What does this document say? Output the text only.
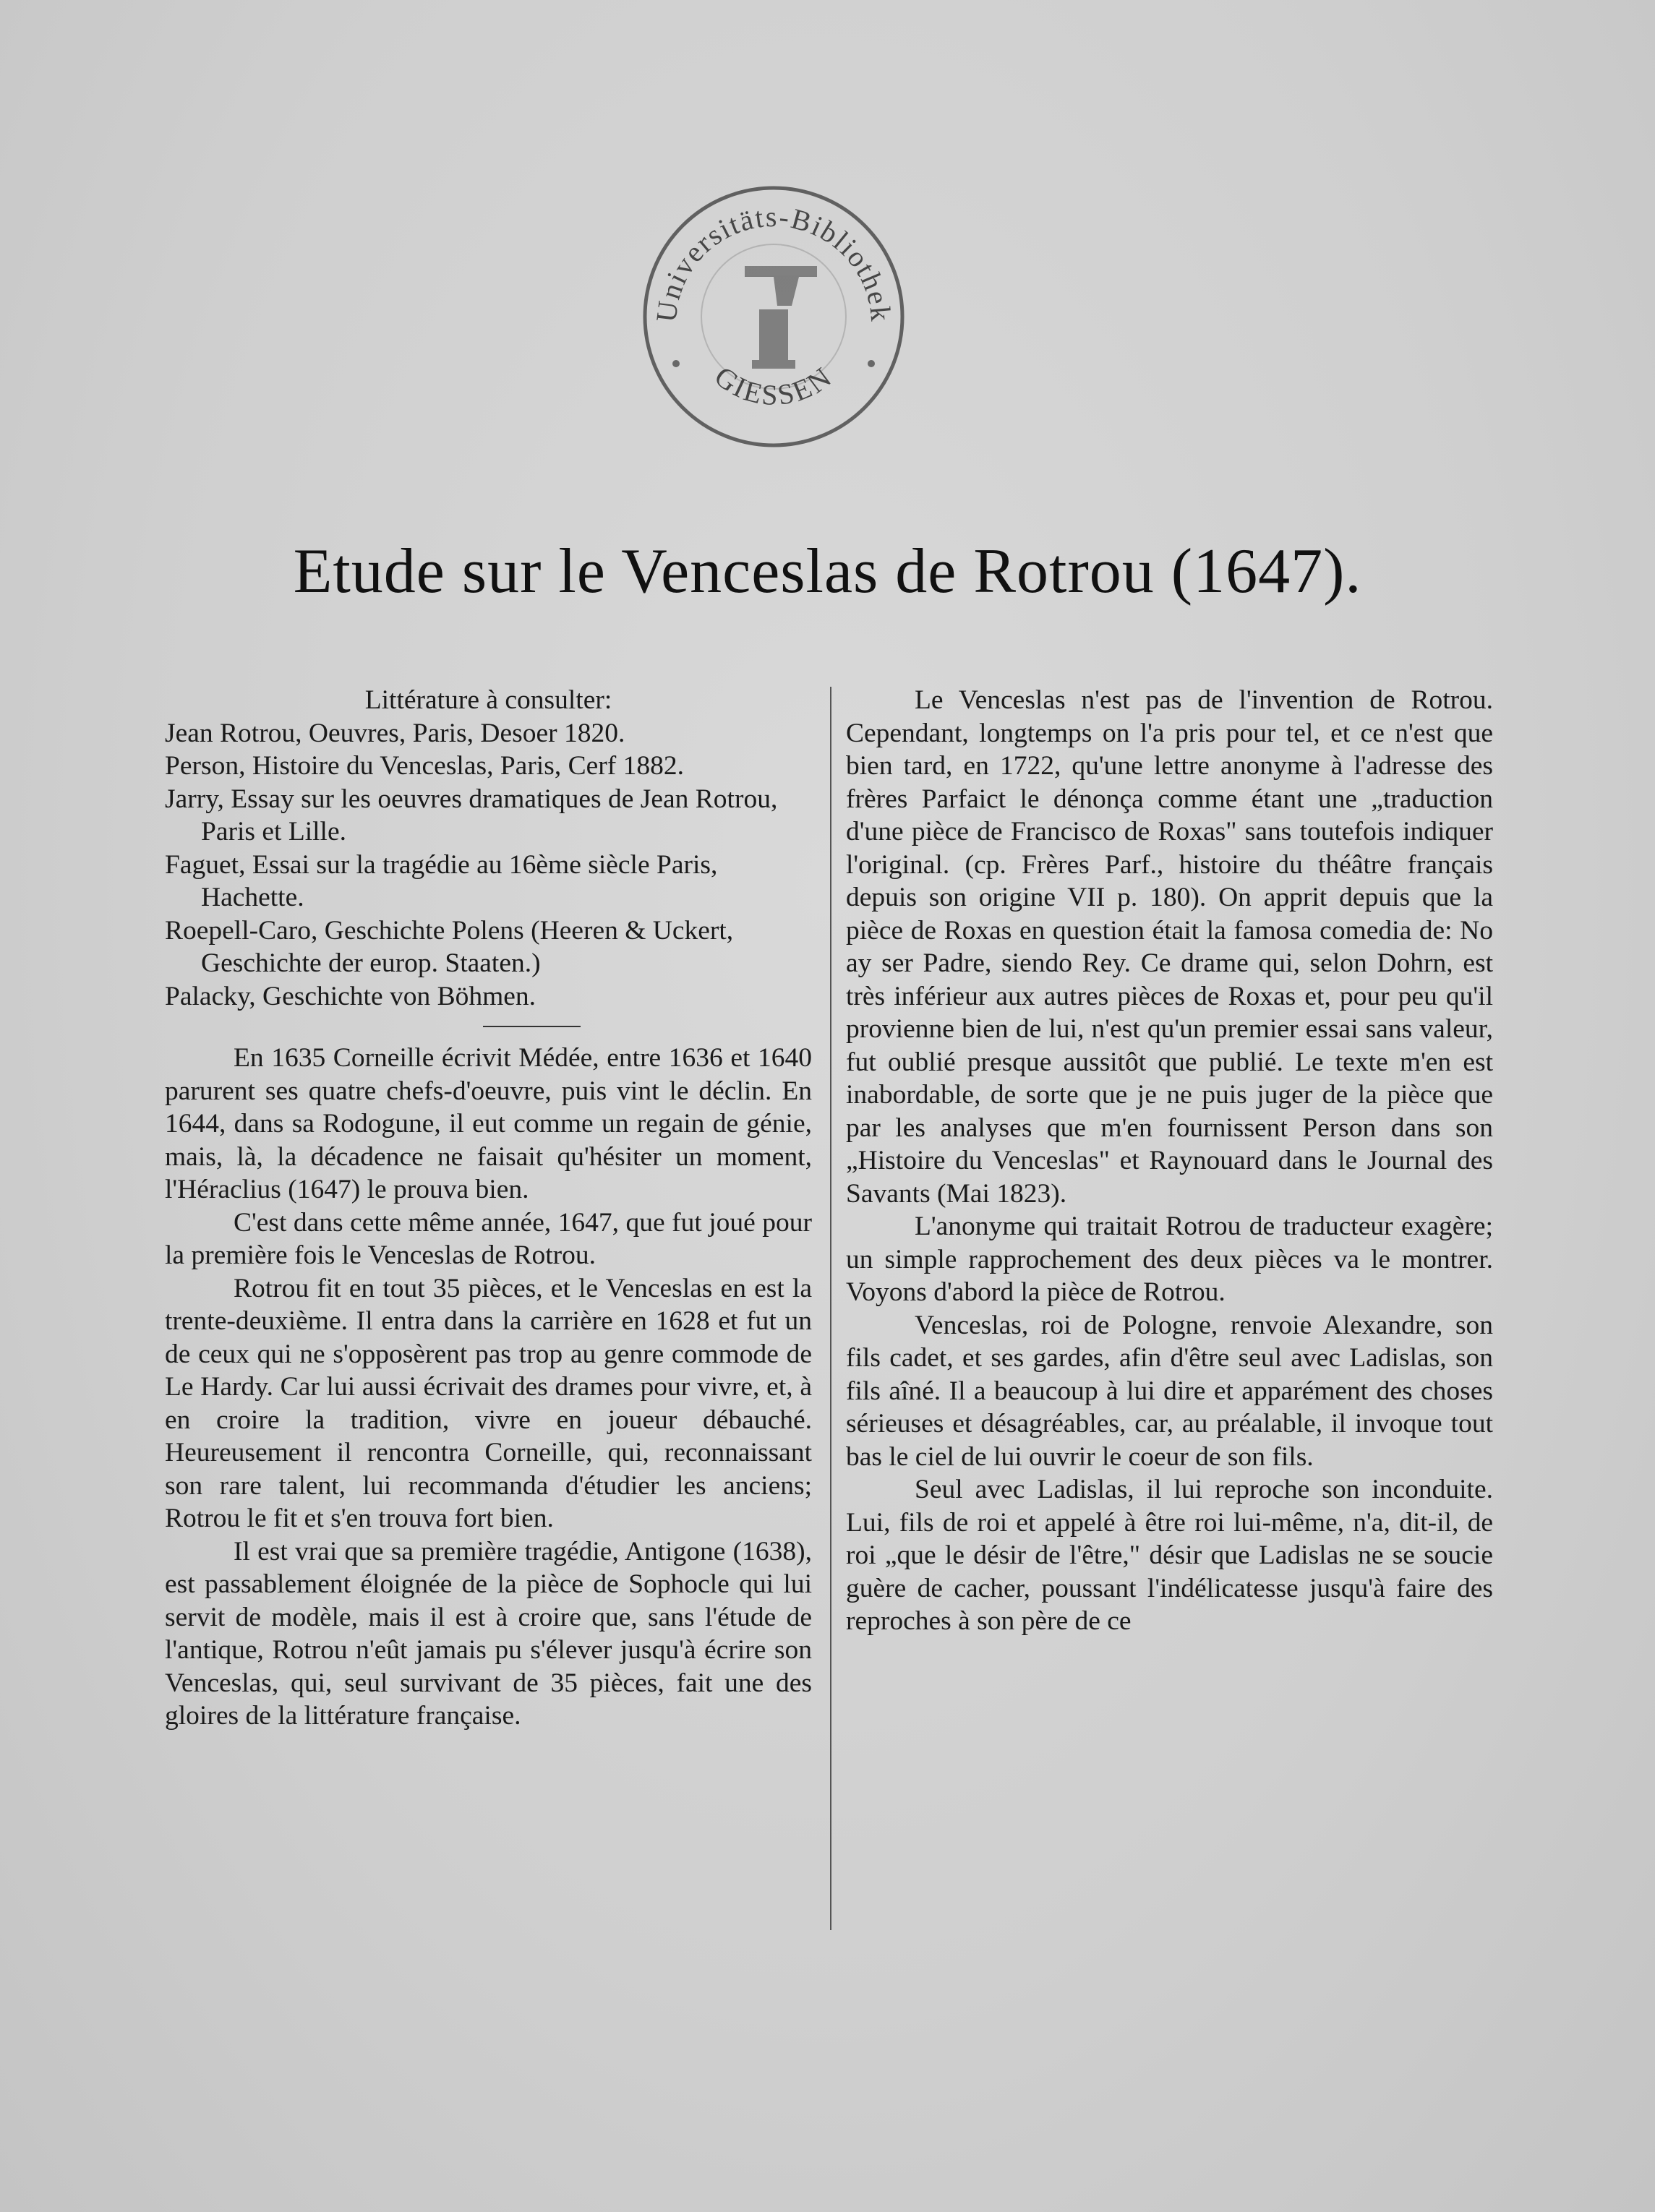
Universitäts-Bibliothek
GIESSEN
Etude sur le Venceslas de Rotrou (1647).

Littérature à consulter:

Jean Rotrou, Oeuvres, Paris, Desoer 1820.

Person, Histoire du Venceslas, Paris, Cerf 1882.

Jarry, Essay sur les oeuvres dramatiques de Jean Rotrou, Paris et Lille.

Faguet, Essai sur la tragédie au 16ème siècle Paris, Hachette.

Roepell-Caro, Geschichte Polens (Heeren & Uckert, Geschichte der europ. Staaten.)

Palacky, Geschichte von Böhmen.

En 1635 Corneille écrivit Médée, entre 1636 et 1640 parurent ses quatre chefs-d'oeuvre, puis vint le déclin. En 1644, dans sa Rodogune, il eut comme un regain de génie, mais, là, la décadence ne faisait qu'hésiter un moment, l'Héraclius (1647) le prouva bien.

C'est dans cette même année, 1647, que fut joué pour la première fois le Venceslas de Rotrou.

Rotrou fit en tout 35 pièces, et le Venceslas en est la trente-deuxième. Il entra dans la carrière en 1628 et fut un de ceux qui ne s'opposèrent pas trop au genre commode de Le Hardy. Car lui aussi écrivait des drames pour vivre, et, à en croire la tradition, vivre en joueur débauché. Heureusement il rencontra Corneille, qui, reconnaissant son rare talent, lui recommanda d'étudier les anciens; Rotrou le fit et s'en trouva fort bien.

Il est vrai que sa première tragédie, Antigone (1638), est passablement éloignée de la pièce de Sophocle qui lui servit de modèle, mais il est à croire que, sans l'étude de l'antique, Rotrou n'eût jamais pu s'élever jusqu'à écrire son Venceslas, qui, seul survivant de 35 pièces, fait une des gloires de la littérature française.

Le Venceslas n'est pas de l'invention de Rotrou. Cependant, longtemps on l'a pris pour tel, et ce n'est que bien tard, en 1722, qu'une lettre anonyme à l'adresse des frères Parfaict le dénonça comme étant une „traduction d'une pièce de Francisco de Roxas" sans toutefois indiquer l'original. (cp. Frères Parf., histoire du théâtre français depuis son origine VII p. 180). On apprit depuis que la pièce de Roxas en question était la famosa comedia de: No ay ser Padre, siendo Rey. Ce drame qui, selon Dohrn, est très inférieur aux autres pièces de Roxas et, pour peu qu'il provienne bien de lui, n'est qu'un premier essai sans valeur, fut oublié presque aussitôt que publié. Le texte m'en est inabordable, de sorte que je ne puis juger de la pièce que par les analyses que m'en fournissent Person dans son „Histoire du Venceslas" et Raynouard dans le Journal des Savants (Mai 1823).

L'anonyme qui traitait Rotrou de traducteur exagère; un simple rapprochement des deux pièces va le montrer. Voyons d'abord la pièce de Rotrou.

Venceslas, roi de Pologne, renvoie Alexandre, son fils cadet, et ses gardes, afin d'être seul avec Ladislas, son fils aîné. Il a beaucoup à lui dire et apparément des choses sérieuses et désagréables, car, au préalable, il invoque tout bas le ciel de lui ouvrir le coeur de son fils.

Seul avec Ladislas, il lui reproche son inconduite. Lui, fils de roi et appelé à être roi lui-même, n'a, dit-il, de roi „que le désir de l'être," désir que Ladislas ne se soucie guère de cacher, poussant l'indélicatesse jusqu'à faire des reproches à son père de ce
